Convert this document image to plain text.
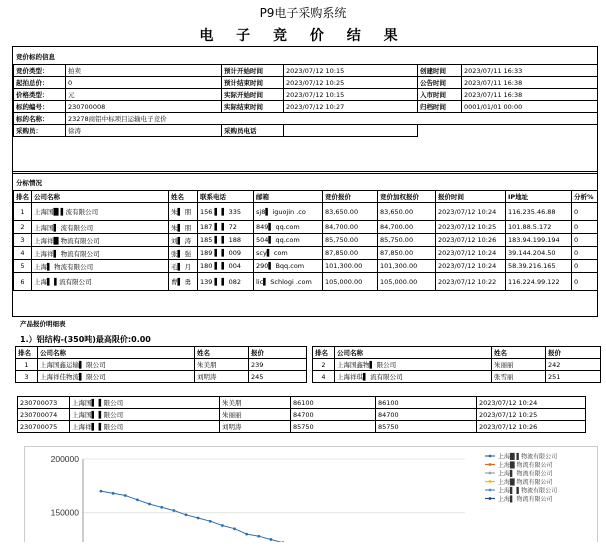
P9电子采购系统
电 子 竞 价 结 果
竞价标的信息
竞价类型：	拍卖	预计开始时间	2023/07/12 10:15	创建时间	2023/07/11 16:33
起拍总价：	0	预计结束时间	2023/07/12 10:25	公告时间	2023/07/11 16:38
价格类型：	元	实际开始时间	2023/07/12 10:15	入市时间	2023/07/11 16:38
标的编号：	230700008	实际结束时间	2023/07/12 10:27	归档时间	0001/01/01 00:00
标的名称：	23278商铝中标项目运输电子竞价				
采购员：	徐涛	采购员电话			
分标情况
排名	公司名称	姓名	联系电话	邮箱	竞价报价	竞价加权报价	报价时间	IP地址	分析%
1	上海国█ ▌流有限公司	朱▌ 朋	156 ▌ ▌ 335	sj8▌ iguojin .co	83,650.00	83,650.00	2023/07/12 10:24	116.235.46.88	0
2	上海国▌ 流有限公司	朱▌ 朋	187 ▌ ▌ 72	849▌ qq.com	84,700.00	84,700.00	2023/07/12 10:25	101.88.5.172	0
3	上海祥█ 物流有限公司	刘▌ 涛	185 ▌ ▌ 188	504▌ qq.com	85,750.00	85,750.00	2023/07/12 10:26	183.94.199.194	0
4	上海祥▌ 物流有限公司	张▌ 强	189 ▌ ▌ 009	scy▌ com	87,850.00	87,850.00	2023/07/12 10:24	39.144.204.50	0
5	上海▌ 物流有限公司	毛▌ 月	180 ▌ ▌ 004	290▌ Bqq.com	101,300.00	101,300.00	2023/07/12 10:24	58.39.216.165	0
6	上海▌ ▌流有限公司	曹▌ 勇	139 ▌ ▌ 082	lic▌ Schlogi .com	105,000.00	105,000.00	2023/07/12 10:22	116.224.99.122	0
产品报价明细表
1.）铝结构-(350吨)最高限价:0.00
排名	公司名称	姓名	报价
1	上海国鑫运输▌ 限公司	朱美朋	239
3	上海祥佳物流▌ 限公司	刘明涛	245
排名	公司名称	姓名	报价
2	上海国鑫物▌ 限公司	朱丽丽	242
4	上海祥琪▌ 流有限公司	张雪丽	251
230700073	上海国▌ ▌限公司	朱美朋	86100	86100	2023/07/12 10:24
230700074	上海国▌ ▌限公司	朱丽丽	84700	84700	2023/07/12 10:25
230700075	上海祥▌ ▌限公司	刘明涛	85750	85750	2023/07/12 10:26
200000
150000
上海█ ▌物流有限公司
上海█ 物流有限公司
上海▌ 物流有限公司
上海█ 物流有限公司
上海▌ ▌物流有限公司
上海▌ 物流有限公司
